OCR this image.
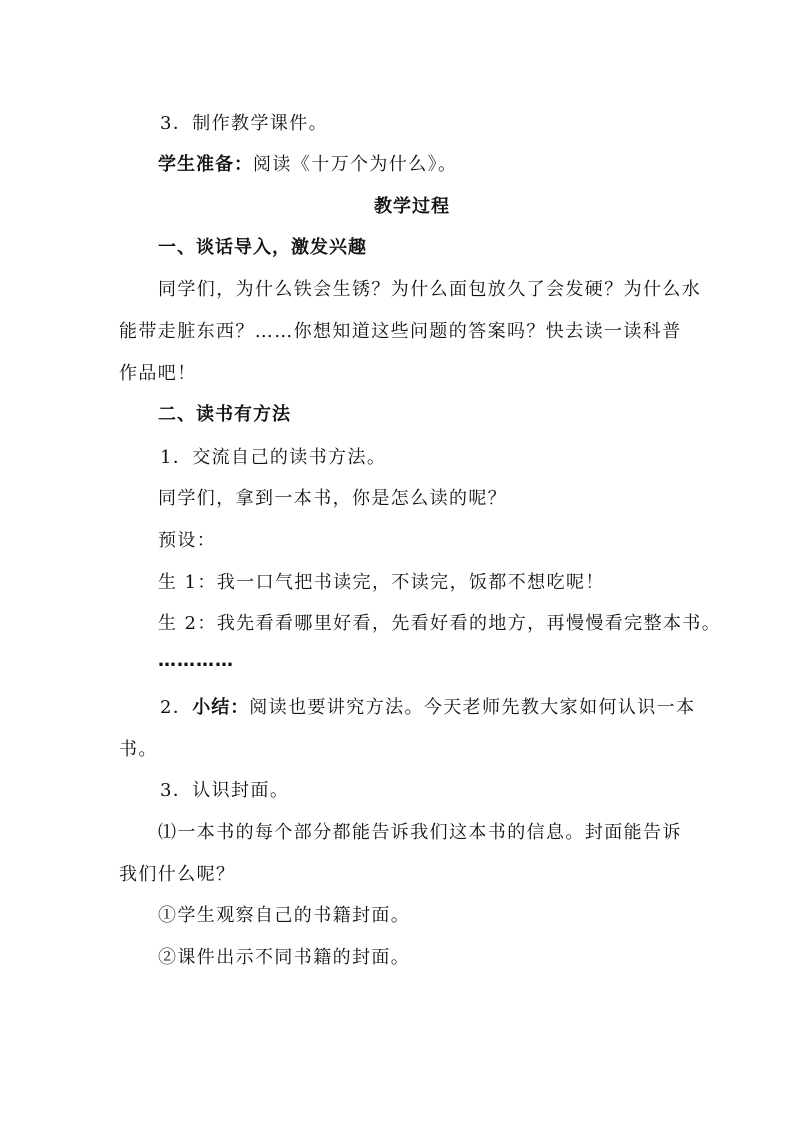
3．制作教学课件。
学生准备：阅读《十万个为什么》。
教学过程
一、谈话导入，激发兴趣
同学们，为什么铁会生锈？为什么面包放久了会发硬？为什么水
能带走脏东西？……你想知道这些问题的答案吗？快去读一读科普
作品吧！
二、读书有方法
1．交流自己的读书方法。
同学们，拿到一本书，你是怎么读的呢？
预设：
生 1：我一口气把书读完，不读完，饭都不想吃呢！
生 2：我先看看哪里好看，先看好看的地方，再慢慢看完整本书。
…………
2．小结：阅读也要讲究方法。今天老师先教大家如何认识一本
书。
3．认识封面。
⑴一本书的每个部分都能告诉我们这本书的信息。封面能告诉
我们什么呢？
①学生观察自己的书籍封面。
②课件出示不同书籍的封面。
